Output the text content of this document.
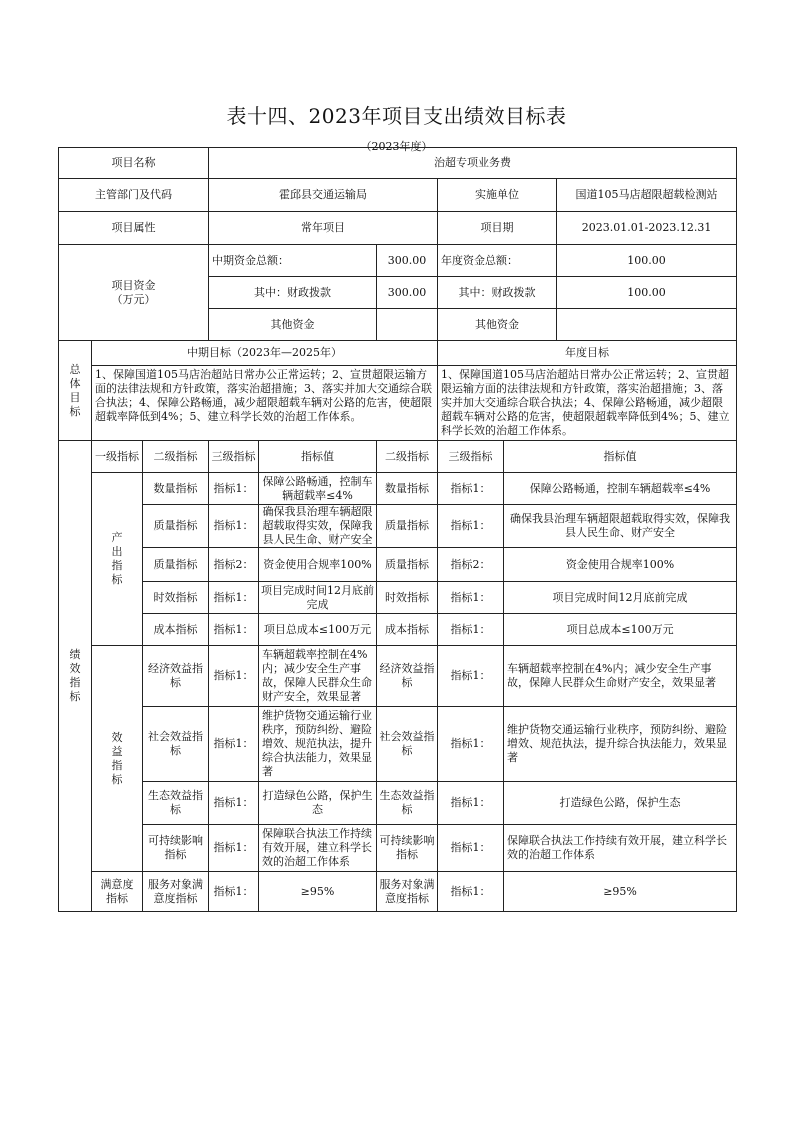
表十四、2023年项目支出绩效目标表
（2023年度）
项目名称			治超专项业务费					
主管部门及代码			霍邱县交通运输局			实施单位		国道105马店超限超载检测站
项目属性			常年项目			项目期		2023.01.01-2023.12.31

项目资金
（万元）			中期资金总额：		300.00	年度资金总额：		100.00
			其中：财政拨款		300.00	其中：财政拨款		100.00
			其他资金			其他资金		

总
体
目
标	中期目标（2023年—2025年）					年度目标		
	1、保障国道105马店治超站日常办公正常运转；2、宣贯超限运输方面的法律法规和方针政策，落实治超措施；3、落实并加大交通综合联合执法；4、保障公路畅通，减少超限超载车辆对公路的危害，使超限超载率降低到4%；5、建立科学长效的治超工作体系。					1、保障国道105马店治超站日常办公正常运转；2、宣贯超限运输方面的法律法规和方针政策，落实治超措施；3、落实并加大交通综合联合执法；4、保障公路畅通，减少超限超载车辆对公路的危害，使超限超载率降低到4%；5、建立科学长效的治超工作体系。		

绩
效
指
标	一级指标	二级指标	三级指标	指标值	二级指标	三级指标	指标值	

	产
出
指
标	数量指标	指标1：	保障公路畅通，控制车辆超载率≤4%	数量指标	指标1：	保障公路畅通，控制车辆超载率≤4%	
		质量指标	指标1：	确保我县治理车辆超限超载取得实效，保障我县人民生命、财产安全	质量指标	指标1：	确保我县治理车辆超限超载取得实效，保障我县人民生命、财产安全	
		质量指标	指标2：	资金使用合规率100%	质量指标	指标2：	资金使用合规率100%	
		时效指标	指标1：	项目完成时间12月底前完成	时效指标	指标1：	项目完成时间12月底前完成	
		成本指标	指标1：	项目总成本≤100万元	成本指标	指标1：	项目总成本≤100万元	

	效
益
指
标	经济效益指标	指标1：	车辆超载率控制在4%内；减少安全生产事故，保障人民群众生命财产安全，效果显著	经济效益指标	指标1：	车辆超载率控制在4%内；减少安全生产事故，保障人民群众生命财产安全，效果显著	
		社会效益指标	指标1：	维护货物交通运输行业秩序，预防纠纷、避险增效、规范执法，提升综合执法能力，效果显著	社会效益指标	指标1：	维护货物交通运输行业秩序，预防纠纷、避险增效、规范执法，提升综合执法能力，效果显著	
		生态效益指标	指标1：	打造绿色公路，保护生态	生态效益指标	指标1：	打造绿色公路，保护生态	
		可持续影响指标	指标1：	保障联合执法工作持续有效开展，建立科学长效的治超工作体系	可持续影响指标	指标1：	保障联合执法工作持续有效开展，建立科学长效的治超工作体系	

	满意度
指标	服务对象满意度指标	指标1：	≥95%	服务对象满意度指标	指标1：	≥95%	
